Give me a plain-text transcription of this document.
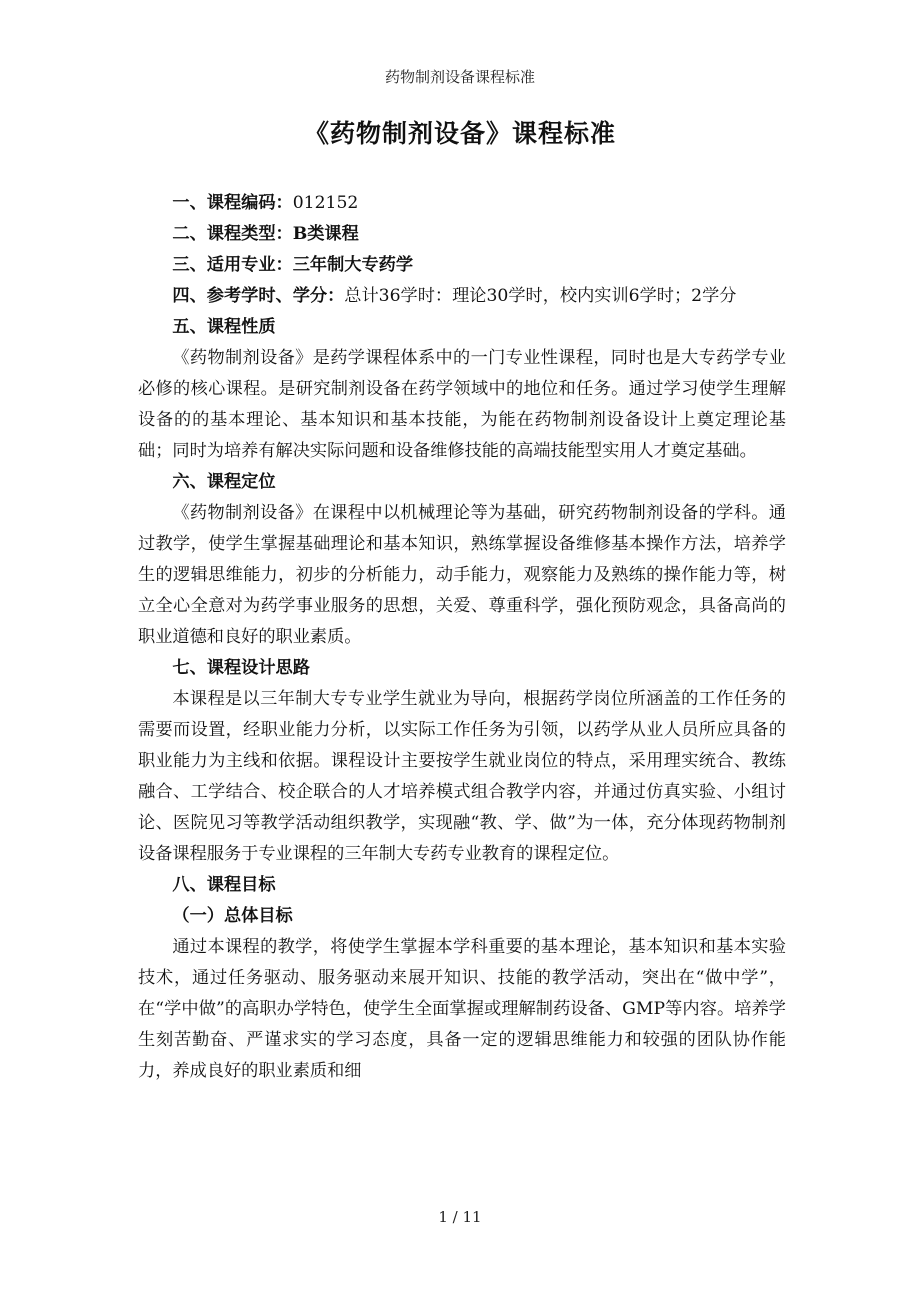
药物制剂设备课程标准
《药物制剂设备》课程标准

一、课程编码：012152

二、课程类型：B类课程

三、适用专业：三年制大专药学

四、参考学时、学分：总计36学时：理论30学时，校内实训6学时；2学分

五、课程性质

《药物制剂设备》是药学课程体系中的一门专业性课程，同时也是大专药学专业必修的核心课程。是研究制剂设备在药学领域中的地位和任务。通过学习使学生理解设备的的基本理论、基本知识和基本技能，为能在药物制剂设备设计上奠定理论基础；同时为培养有解决实际问题和设备维修技能的高端技能型实用人才奠定基础。

六、课程定位

《药物制剂设备》在课程中以机械理论等为基础，研究药物制剂设备的学科。通过教学，使学生掌握基础理论和基本知识，熟练掌握设备维修基本操作方法，培养学生的逻辑思维能力，初步的分析能力，动手能力，观察能力及熟练的操作能力等，树立全心全意对为药学事业服务的思想，关爱、尊重科学，强化预防观念，具备高尚的职业道德和良好的职业素质。

七、课程设计思路

本课程是以三年制大专专业学生就业为导向，根据药学岗位所涵盖的工作任务的需要而设置，经职业能力分析，以实际工作任务为引领，以药学从业人员所应具备的职业能力为主线和依据。课程设计主要按学生就业岗位的特点，采用理实统合、教练融合、工学结合、校企联合的人才培养模式组合教学内容，并通过仿真实验、小组讨论、医院见习等教学活动组织教学，实现融“教、学、做”为一体，充分体现药物制剂设备课程服务于专业课程的三年制大专药专业教育的课程定位。

八、课程目标

（一）总体目标

通过本课程的教学，将使学生掌握本学科重要的基本理论，基本知识和基本实验技术，通过任务驱动、服务驱动来展开知识、技能的教学活动，突出在“做中学”，在“学中做”的高职办学特色，使学生全面掌握或理解制药设备、GMP等内容。培养学生刻苦勤奋、严谨求实的学习态度，具备一定的逻辑思维能力和较强的团队协作能力，养成良好的职业素质和细

1 / 11
